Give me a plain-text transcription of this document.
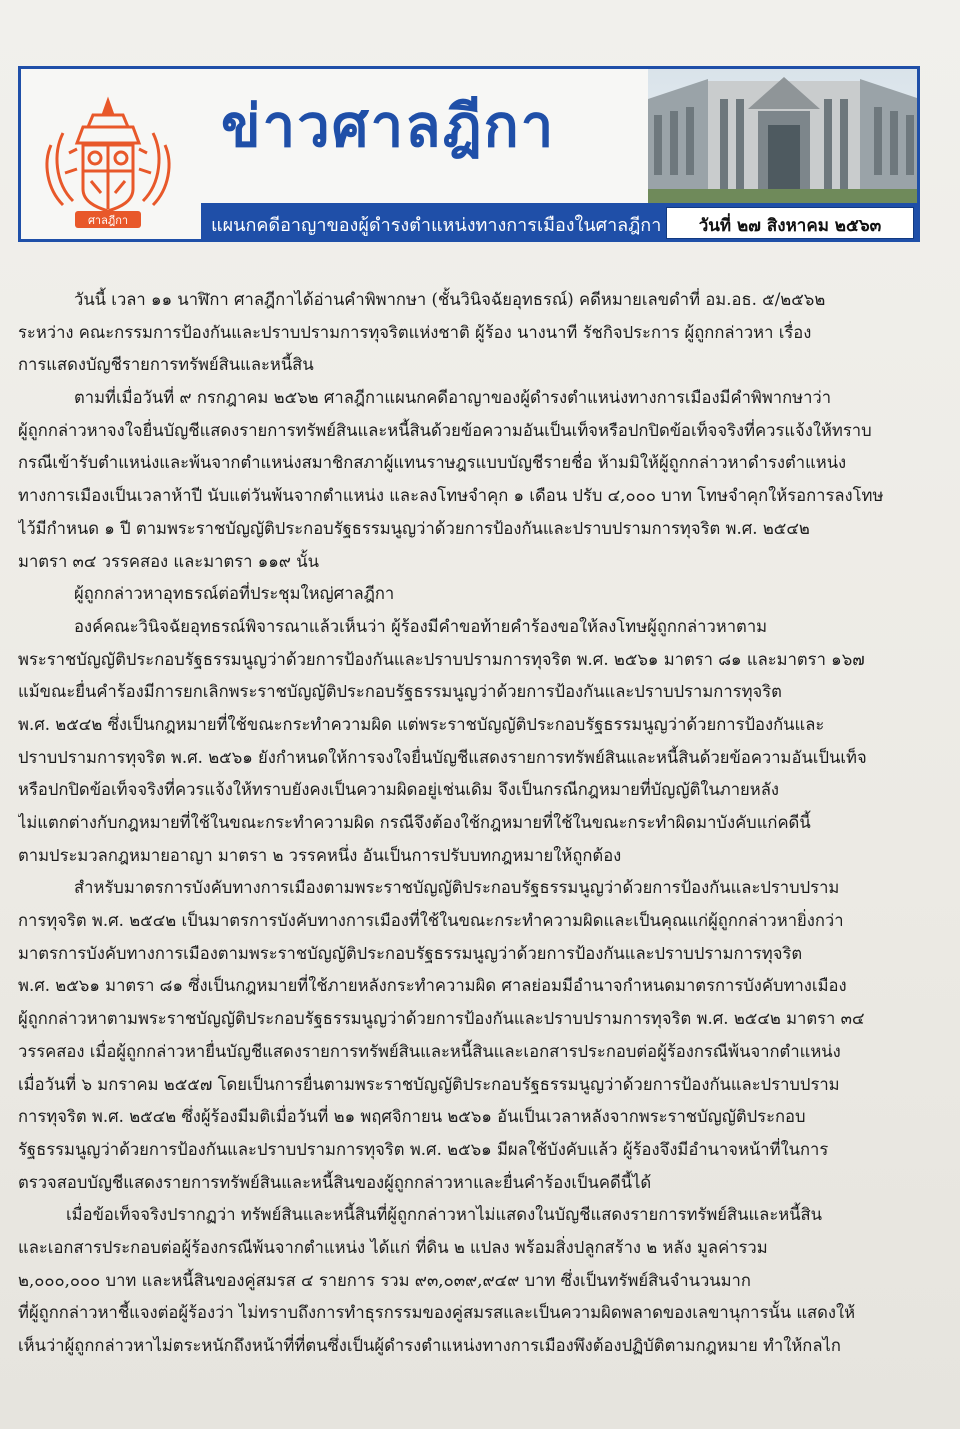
ศาลฎีกา
ข่าวศาลฎีกา
แผนกคดีอาญาของผู้ดำรงตำแหน่งทางการเมืองในศาลฎีกา	วันที่ ๒๗ สิงหาคม ๒๕๖๓
วันนี้ เวลา ๑๑ นาฬิกา ศาลฎีกาได้อ่านคำพิพากษา (ชั้นวินิจฉัยอุทธรณ์) คดีหมายเลขดำที่ อม.อธ. ๕/๒๕๖๒
ระหว่าง คณะกรรมการป้องกันและปราบปรามการทุจริตแห่งชาติ ผู้ร้อง นางนาที รัชกิจประการ ผู้ถูกกล่าวหา เรื่อง
การแสดงบัญชีรายการทรัพย์สินและหนี้สิน
ตามที่เมื่อวันที่ ๙ กรกฎาคม ๒๕๖๒ ศาลฎีกาแผนกคดีอาญาของผู้ดำรงตำแหน่งทางการเมืองมีคำพิพากษาว่า
ผู้ถูกกล่าวหาจงใจยื่นบัญชีแสดงรายการทรัพย์สินและหนี้สินด้วยข้อความอันเป็นเท็จหรือปกปิดข้อเท็จจริงที่ควรแจ้งให้ทราบ
กรณีเข้ารับตำแหน่งและพ้นจากตำแหน่งสมาชิกสภาผู้แทนราษฎรแบบบัญชีรายชื่อ ห้ามมิให้ผู้ถูกกล่าวหาดำรงตำแหน่ง
ทางการเมืองเป็นเวลาห้าปี นับแต่วันพ้นจากตำแหน่ง และลงโทษจำคุก ๑ เดือน ปรับ ๔,๐๐๐ บาท โทษจำคุกให้รอการลงโทษ
ไว้มีกำหนด ๑ ปี ตามพระราชบัญญัติประกอบรัฐธรรมนูญว่าด้วยการป้องกันและปราบปรามการทุจริต พ.ศ. ๒๕๔๒
มาตรา ๓๔ วรรคสอง และมาตรา ๑๑๙ นั้น
ผู้ถูกกล่าวหาอุทธรณ์ต่อที่ประชุมใหญ่ศาลฎีกา
องค์คณะวินิจฉัยอุทธรณ์พิจารณาแล้วเห็นว่า ผู้ร้องมีคำขอท้ายคำร้องขอให้ลงโทษผู้ถูกกล่าวหาตาม
พระราชบัญญัติประกอบรัฐธรรมนูญว่าด้วยการป้องกันและปราบปรามการทุจริต พ.ศ. ๒๕๖๑ มาตรา ๘๑ และมาตรา ๑๖๗
แม้ขณะยื่นคำร้องมีการยกเลิกพระราชบัญญัติประกอบรัฐธรรมนูญว่าด้วยการป้องกันและปราบปรามการทุจริต
พ.ศ. ๒๕๔๒ ซึ่งเป็นกฎหมายที่ใช้ขณะกระทำความผิด แต่พระราชบัญญัติประกอบรัฐธรรมนูญว่าด้วยการป้องกันและ
ปราบปรามการทุจริต พ.ศ. ๒๕๖๑ ยังกำหนดให้การจงใจยื่นบัญชีแสดงรายการทรัพย์สินและหนี้สินด้วยข้อความอันเป็นเท็จ
หรือปกปิดข้อเท็จจริงที่ควรแจ้งให้ทราบยังคงเป็นความผิดอยู่เช่นเดิม จึงเป็นกรณีกฎหมายที่บัญญัติในภายหลัง
ไม่แตกต่างกับกฎหมายที่ใช้ในขณะกระทำความผิด กรณีจึงต้องใช้กฎหมายที่ใช้ในขณะกระทำผิดมาบังคับแก่คดีนี้
ตามประมวลกฎหมายอาญา มาตรา ๒ วรรคหนึ่ง อันเป็นการปรับบทกฎหมายให้ถูกต้อง
สำหรับมาตรการบังคับทางการเมืองตามพระราชบัญญัติประกอบรัฐธรรมนูญว่าด้วยการป้องกันและปราบปราม
การทุจริต พ.ศ. ๒๕๔๒ เป็นมาตรการบังคับทางการเมืองที่ใช้ในขณะกระทำความผิดและเป็นคุณแก่ผู้ถูกกล่าวหายิ่งกว่า
มาตรการบังคับทางการเมืองตามพระราชบัญญัติประกอบรัฐธรรมนูญว่าด้วยการป้องกันและปราบปรามการทุจริต
พ.ศ. ๒๕๖๑ มาตรา ๘๑ ซึ่งเป็นกฎหมายที่ใช้ภายหลังกระทำความผิด ศาลย่อมมีอำนาจกำหนดมาตรการบังคับทางเมือง
ผู้ถูกกล่าวหาตามพระราชบัญญัติประกอบรัฐธรรมนูญว่าด้วยการป้องกันและปราบปรามการทุจริต พ.ศ. ๒๕๔๒ มาตรา ๓๔
วรรคสอง เมื่อผู้ถูกกล่าวหายื่นบัญชีแสดงรายการทรัพย์สินและหนี้สินและเอกสารประกอบต่อผู้ร้องกรณีพ้นจากตำแหน่ง
เมื่อวันที่ ๖ มกราคม ๒๕๕๗ โดยเป็นการยื่นตามพระราชบัญญัติประกอบรัฐธรรมนูญว่าด้วยการป้องกันและปราบปราม
การทุจริต พ.ศ. ๒๕๔๒ ซึ่งผู้ร้องมีมติเมื่อวันที่ ๒๑ พฤศจิกายน ๒๕๖๑ อันเป็นเวลาหลังจากพระราชบัญญัติประกอบ
รัฐธรรมนูญว่าด้วยการป้องกันและปราบปรามการทุจริต พ.ศ. ๒๕๖๑ มีผลใช้บังคับแล้ว ผู้ร้องจึงมีอำนาจหน้าที่ในการ
ตรวจสอบบัญชีแสดงรายการทรัพย์สินและหนี้สินของผู้ถูกกล่าวหาและยื่นคำร้องเป็นคดีนี้ได้
เมื่อข้อเท็จจริงปรากฏว่า ทรัพย์สินและหนี้สินที่ผู้ถูกกล่าวหาไม่แสดงในบัญชีแสดงรายการทรัพย์สินและหนี้สิน
และเอกสารประกอบต่อผู้ร้องกรณีพ้นจากตำแหน่ง ได้แก่ ที่ดิน ๒ แปลง พร้อมสิ่งปลูกสร้าง ๒ หลัง มูลค่ารวม
๒,๐๐๐,๐๐๐ บาท และหนี้สินของคู่สมรส ๔ รายการ รวม ๙๓,๐๓๙,๙๔๙ บาท ซึ่งเป็นทรัพย์สินจำนวนมาก
ที่ผู้ถูกกล่าวหาชี้แจงต่อผู้ร้องว่า ไม่ทราบถึงการทำธุรกรรมของคู่สมรสและเป็นความผิดพลาดของเลขานุการนั้น แสดงให้
เห็นว่าผู้ถูกกล่าวหาไม่ตระหนักถึงหน้าที่ที่ตนซึ่งเป็นผู้ดำรงตำแหน่งทางการเมืองพึงต้องปฏิบัติตามกฎหมาย ทำให้กลไก
